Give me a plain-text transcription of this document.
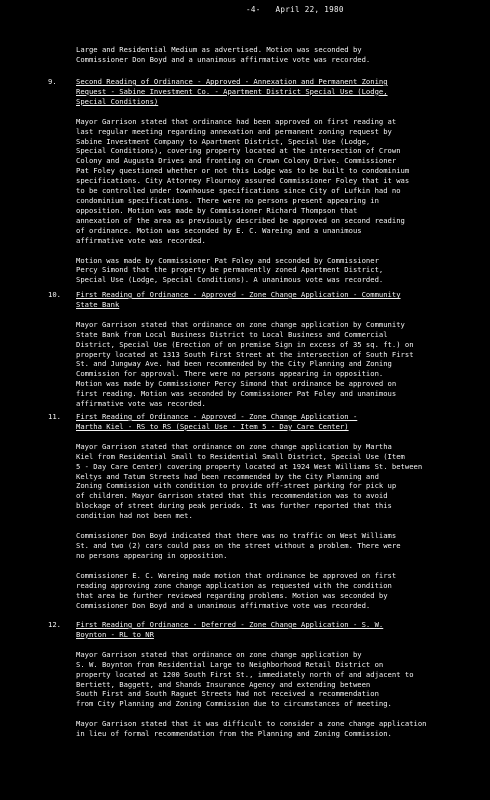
-4- April 22, 1980
Large and Residential Medium as advertised. Motion was seconded by
Commissioner Don Boyd and a unanimous affirmative vote was recorded.
9.	Second Reading of Ordinance - Approved - Annexation and Permanent Zoning
Request - Sabine Investment Co. - Apartment District Special Use (Lodge,
Special Conditions)
Mayor Garrison stated that ordinance had been approved on first reading at
last regular meeting regarding annexation and permanent zoning request by
Sabine Investment Company to Apartment District, Special Use (Lodge,
Special Conditions), covering property located at the intersection of Crown
Colony and Augusta Drives and fronting on Crown Colony Drive. Commissioner
Pat Foley questioned whether or not this Lodge was to be built to condominium
specifications. City Attorney Flournoy assured Commissioner Foley that it was
to be controlled under townhouse specifications since City of Lufkin had no
condominium specifications. There were no persons present appearing in
opposition. Motion was made by Commissioner Richard Thompson that
annexation of the area as previously described be approved on second reading
of ordinance. Motion was seconded by E. C. Wareing and a unanimous
affirmative vote was recorded.
Motion was made by Commissioner Pat Foley and seconded by Commissioner
Percy Simond that the property be permanently zoned Apartment District,
Special Use (Lodge, Special Conditions). A unanimous vote was recorded.
10. First Reading of Ordinance - Approved - Zone Change Application - Community
State Bank
Mayor Garrison stated that ordinance on zone change application by Community
State Bank from Local Business District to Local Business and Commercial
District, Special Use (Erection of on premise Sign in excess of 35 sq. ft.) on
property located at 1313 South First Street at the intersection of South First
St. and Jungway Ave. had been recommended by the City Planning and Zoning
Commission for approval. There were no persons appearing in opposition.
Motion was made by Commissioner Percy Simond that ordinance be approved on
first reading. Motion was seconded by Commissioner Pat Foley and unanimous
affirmative vote was recorded.
11. First Reading of Ordinance - Approved - Zone Change Application -
Martha Kiel - RS to RS (Special Use - Item 5 - Day Care Center)
Mayor Garrison stated that ordinance on zone change application by Martha
Kiel from Residential Small to Residential Small District, Special Use (Item
5 - Day Care Center) covering property located at 1924 West Williams St. between
Keltys and Tatum Streets had been recommended by the City Planning and
Zoning Commission with condition to provide off-street parking for pick up
of children. Mayor Garrison stated that this recommendation was to avoid
blockage of street during peak periods. It was further reported that this
condition had not been met.
Commissioner Don Boyd indicated that there was no traffic on West Williams
St. and two (2) cars could pass on the street without a problem. There were
no persons appearing in opposition.
Commissioner E. C. Wareing made motion that ordinance be approved on first
reading approving zone change application as requested with the condition
that area be further reviewed regarding problems. Motion was seconded by
Commissioner Don Boyd and a unanimous affirmative vote was recorded.
12. First Reading of Ordinance - Deferred - Zone Change Application - S. W.
Boynton - RL to NR
Mayor Garrison stated that ordinance on zone change application by
S. W. Boynton from Residential Large to Neighborhood Retail District on
property located at 1200 South First St., immediately north of and adjacent to
Bertiett, Baggett, and Shands Insurance Agency and extending between
South First and South Raguet Streets had not received a recommendation
from City Planning and Zoning Commission due to circumstances of meeting.
Mayor Garrison stated that it was difficult to consider a zone change application
in lieu of formal recommendation from the Planning and Zoning Commission.
